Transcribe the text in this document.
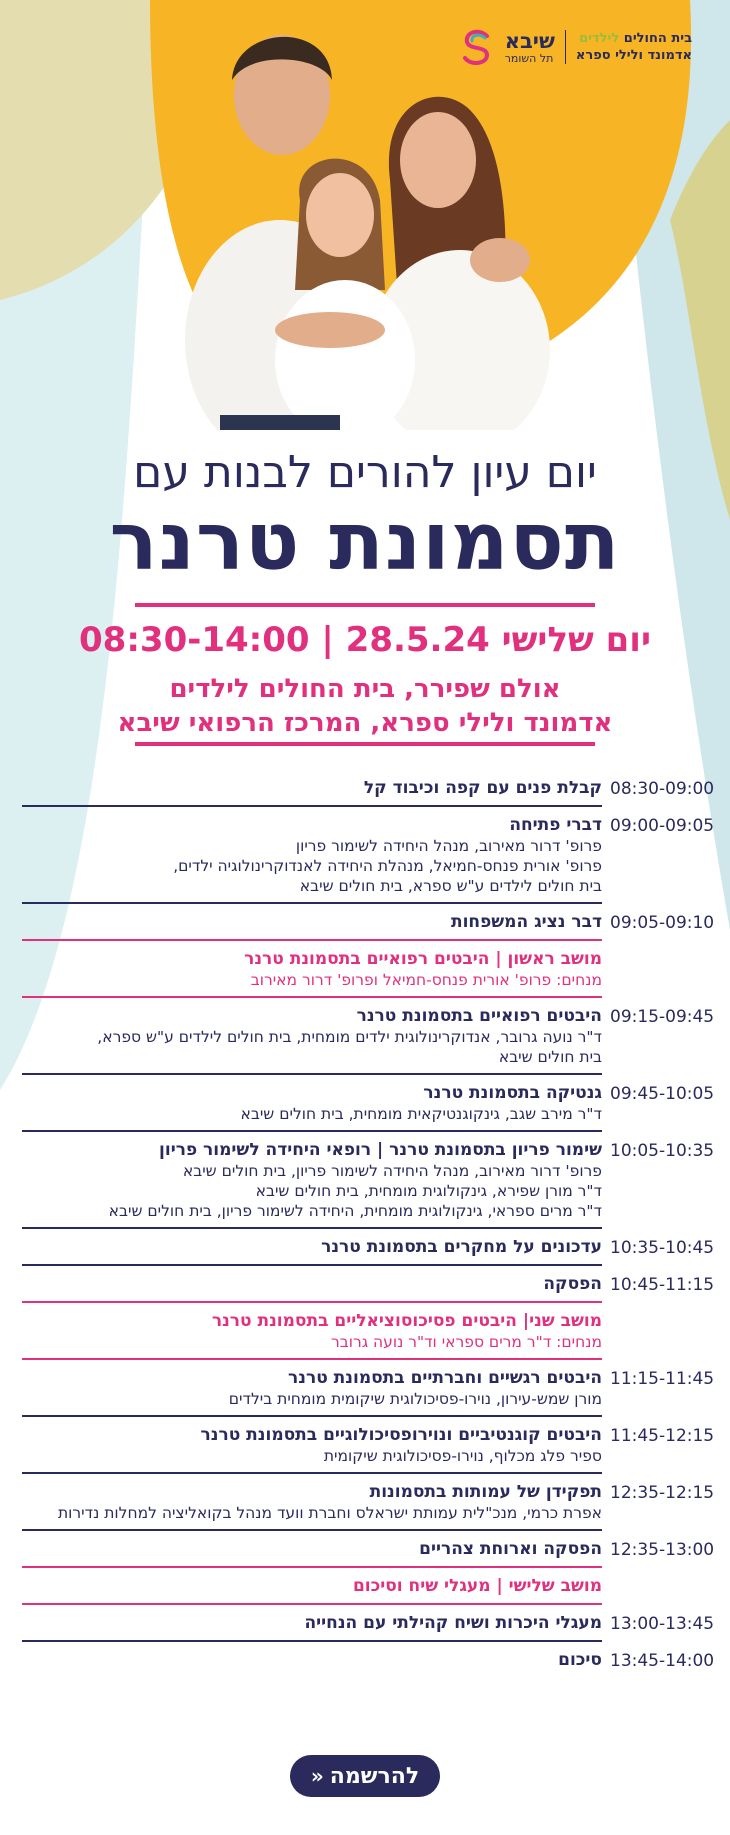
שיבא
תל השומר
בית החולים לילדים
אדמונד ולילי ספרא
יום עיון להורים לבנות עם
תסמונת טרנר
יום שלישי 28.5.24 | 08:30-14:00
אולם שפירר, בית החולים לילדים
אדמונד ולילי ספרא, המרכז הרפואי שיבא
08:30-09:00
קבלת פנים עם קפה וכיבוד קל
09:00-09:05
דברי פתיחה
פרופ' דרור מאירוב, מנהל היחידה לשימור פריון
פרופ' אורית פנחס-חמיאל, מנהלת היחידה לאנדוקרינולוגיה ילדים,
בית חולים לילדים ע"ש ספרא, בית חולים שיבא
09:05-09:10
דבר נציג המשפחות
מושב ראשון | היבטים רפואיים בתסמונת טרנר
מנחים: פרופ' אורית פנחס-חמיאל ופרופ' דרור מאירוב
09:15-09:45
היבטים רפואיים בתסמונת טרנר
ד"ר נועה גרובר, אנדוקרינולוגית ילדים מומחית, בית חולים לילדים ע"ש ספרא,
בית חולים שיבא
09:45-10:05
גנטיקה בתסמונת טרנר
ד"ר מירב שגב, גינקוגנטיקאית מומחית, בית חולים שיבא
10:05-10:35
שימור פריון בתסמונת טרנר | רופאי היחידה לשימור פריון
פרופ' דרור מאירוב, מנהל היחידה לשימור פריון, בית חולים שיבא
ד"ר מורן שפירא, גינקולוגית מומחית, בית חולים שיבא
ד"ר מרים ספראי, גינקולוגית מומחית, היחידה לשימור פריון, בית חולים שיבא
10:35-10:45
עדכונים על מחקרים בתסמונת טרנר
10:45-11:15
הפסקה
מושב שני| היבטים פסיכוסוציאליים בתסמונת טרנר
מנחים: ד"ר מרים ספראי וד"ר נועה גרובר
11:15-11:45
היבטים רגשיים וחברתיים בתסמונת טרנר
מורן שמש-עירון, נוירו-פסיכולוגית שיקומית מומחית בילדים
11:45-12:15
היבטים קוגנטיביים ונוירופסיכולוגיים בתסמונת טרנר
ספיר פלג מכלוף, נוירו-פסיכולוגית שיקומית
12:35-12:15
תפקידן של עמותות בתסמונות
אפרת כרמי, מנכ"לית עמותת ישראלס וחברת וועד מנהל בקואליציה למחלות נדירות
12:35-13:00
הפסקה וארוחת צהריים
מושב שלישי | מעגלי שיח וסיכום
13:00-13:45
מעגלי היכרות ושיח קהילתי עם הנחייה
13:45-14:00
סיכום
להרשמה
«
